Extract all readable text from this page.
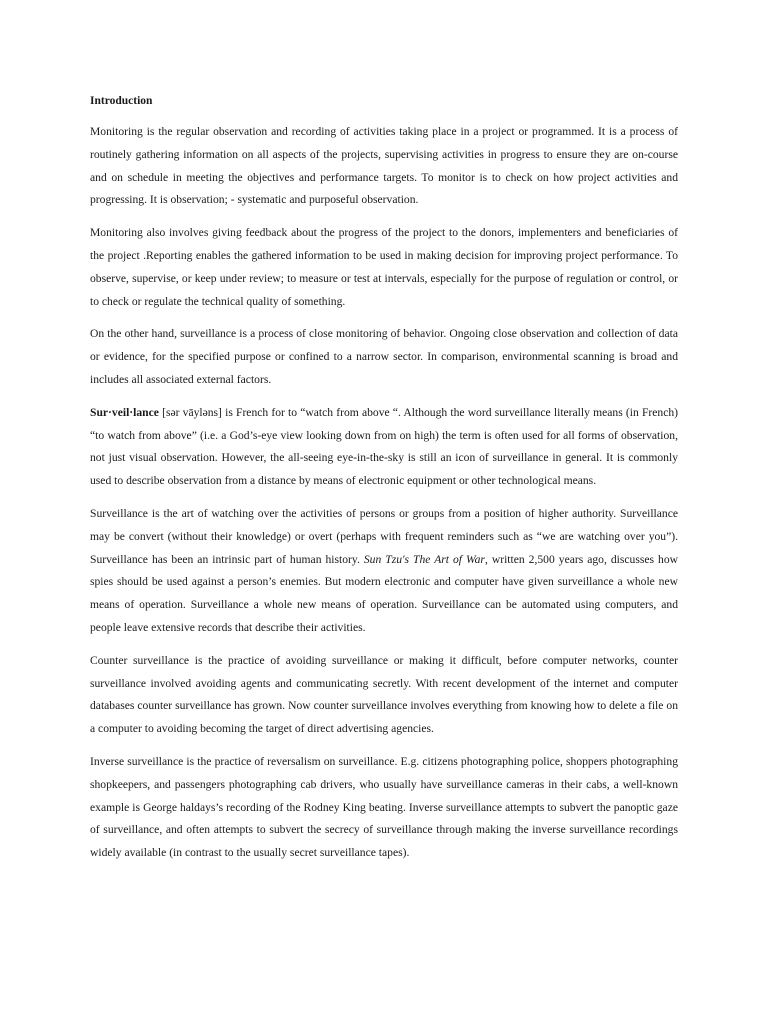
Introduction

Monitoring is the regular observation and recording of activities taking place in a project or programmed. It is a process of routinely gathering information on all aspects of the projects, supervising activities in progress to ensure they are on-course and on schedule in meeting the objectives and performance targets. To monitor is to check on how project activities and progressing. It is observation; - systematic and purposeful observation.

Monitoring also involves giving feedback about the progress of the project to the donors, implementers and beneficiaries of the project .Reporting enables the gathered information to be used in making decision for improving project performance. To observe, supervise, or keep under review; to measure or test at intervals, especially for the purpose of regulation or control, or to check or regulate the technical quality of something.

On the other hand, surveillance is a process of close monitoring of behavior. Ongoing close observation and collection of data or evidence, for the specified purpose or confined to a narrow sector. In comparison, environmental scanning is broad and includes all associated external factors.

Sur·veil·lance [sər vāyləns] is French for to “watch from above “. Although the word surveillance literally means (in French) “to watch from above” (i.e. a God’s-eye view looking down from on high) the term is often used for all forms of observation, not just visual observation. However, the all-seeing eye-in-the-sky is still an icon of surveillance in general. It is commonly used to describe observation from a distance by means of electronic equipment or other technological means.

Surveillance is the art of watching over the activities of persons or groups from a position of higher authority. Surveillance may be convert (without their knowledge) or overt (perhaps with frequent reminders such as “we are watching over you”). Surveillance has been an intrinsic part of human history. Sun Tzu's The Art of War, written 2,500 years ago, discusses how spies should be used against a person’s enemies. But modern electronic and computer have given surveillance a whole new means of operation. Surveillance a whole new means of operation. Surveillance can be automated using computers, and people leave extensive records that describe their activities.

Counter surveillance is the practice of avoiding surveillance or making it difficult, before computer networks, counter surveillance involved avoiding agents and communicating secretly. With recent development of the internet and computer databases counter surveillance has grown. Now counter surveillance involves everything from knowing how to delete a file on a computer to avoiding becoming the target of direct advertising agencies.

Inverse surveillance is the practice of reversalism on surveillance. E.g. citizens photographing police, shoppers photographing shopkeepers, and passengers photographing cab drivers, who usually have surveillance cameras in their cabs, a well-known example is George haldays’s recording of the Rodney King beating. Inverse surveillance attempts to subvert the panoptic gaze of surveillance, and often attempts to subvert the secrecy of surveillance through making the inverse surveillance recordings widely available (in contrast to the usually secret surveillance tapes).
